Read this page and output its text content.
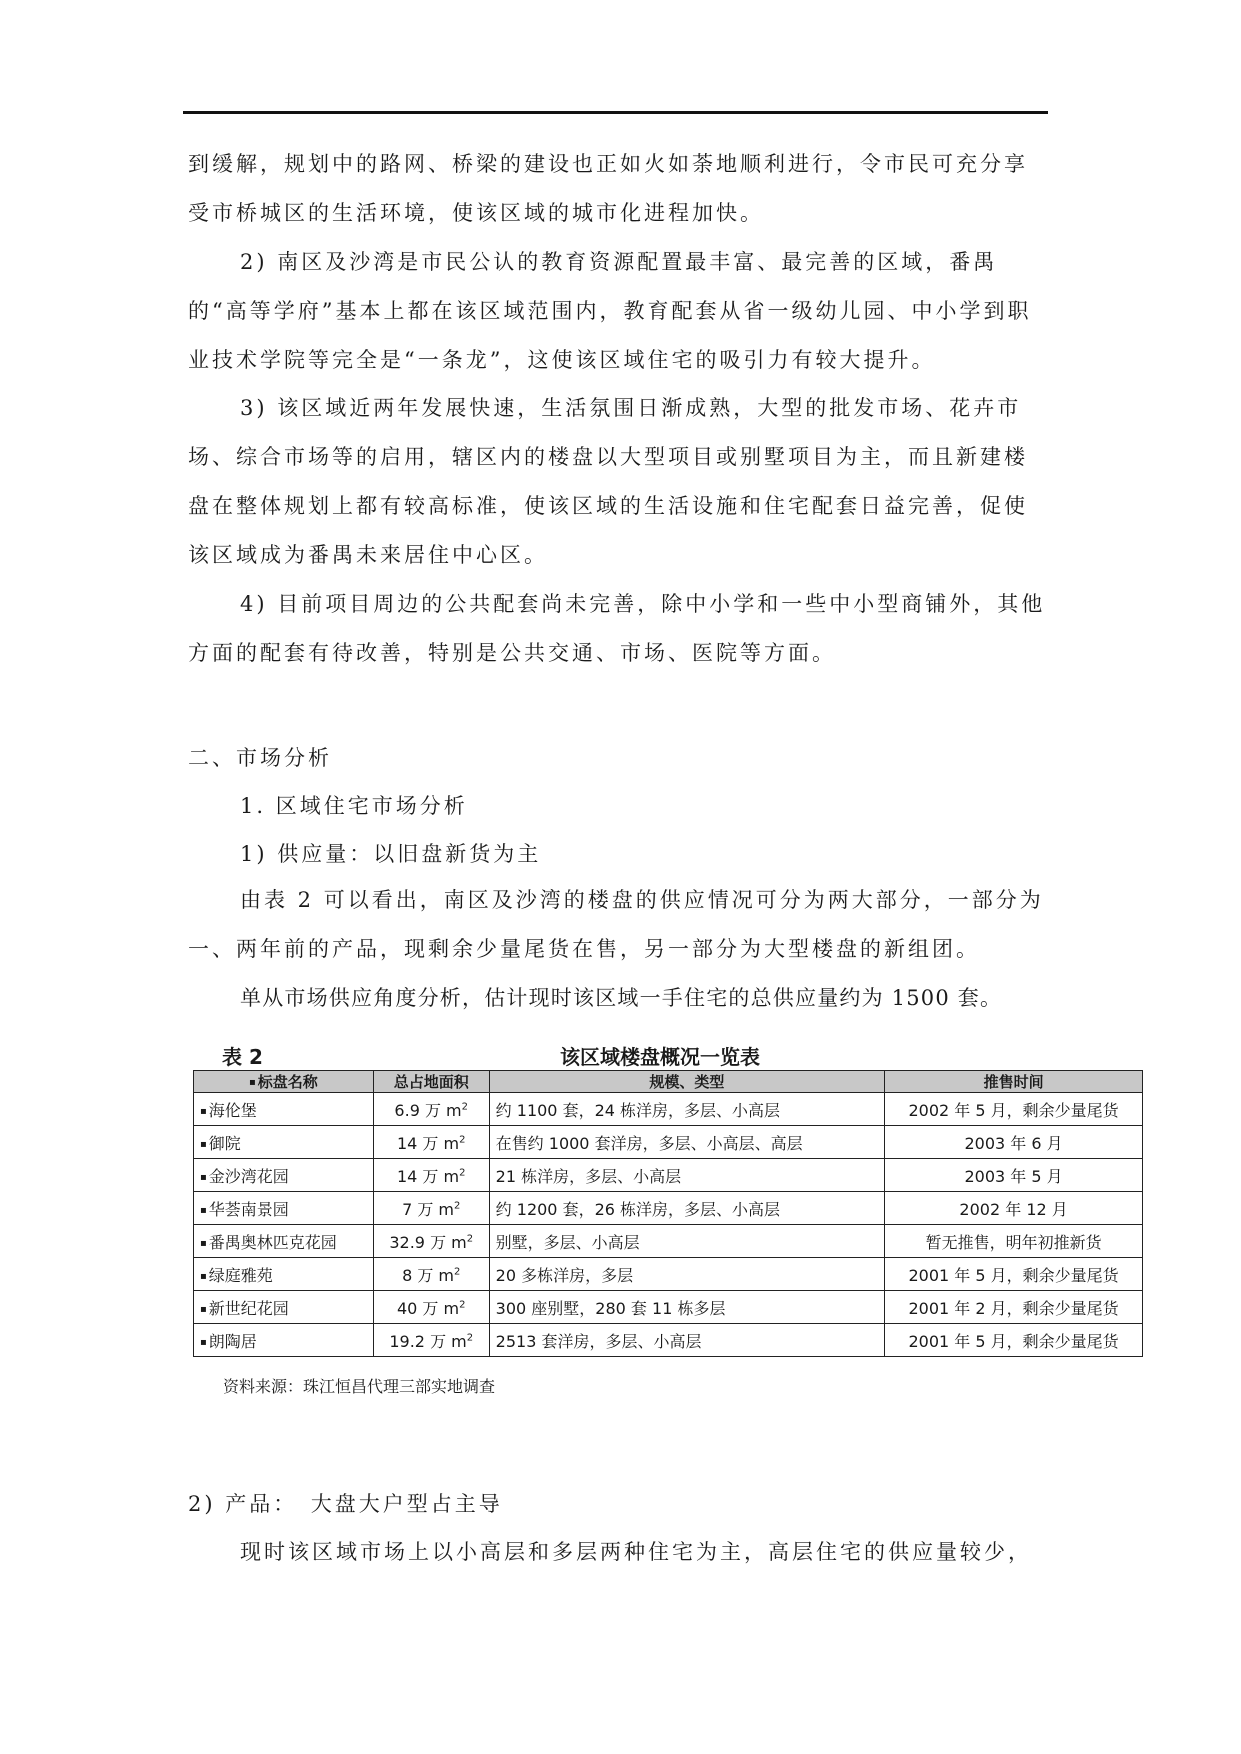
到缓解，规划中的路网、桥梁的建设也正如火如荼地顺利进行，令市民可充分享受市桥城区的生活环境，使该区域的城市化进程加快。

2) 南区及沙湾是市民公认的教育资源配置最丰富、最完善的区域，番禺的“高等学府”基本上都在该区域范围内，教育配套从省一级幼儿园、中小学到职业技术学院等完全是“一条龙”，这使该区域住宅的吸引力有较大提升。

3) 该区域近两年发展快速，生活氛围日渐成熟，大型的批发市场、花卉市场、综合市场等的启用，辖区内的楼盘以大型项目或别墅项目为主，而且新建楼盘在整体规划上都有较高标准，使该区域的生活设施和住宅配套日益完善，促使该区域成为番禺未来居住中心区。

4) 目前项目周边的公共配套尚未完善，除中小学和一些中小型商铺外，其他方面的配套有待改善，特别是公共交通、市场、医院等方面。

二、市场分析

1. 区域住宅市场分析

1) 供应量：以旧盘新货为主

由表 2 可以看出，南区及沙湾的楼盘的供应情况可分为两大部分，一部分为一、两年前的产品，现剩余少量尾货在售，另一部分为大型楼盘的新组团。

单从市场供应角度分析，估计现时该区域一手住宅的总供应量约为 1500 套。

表 2	该区域楼盘概况一览表
▪ 标盘名称	总占地面积	规模、类型	推售时间
▪ 海伦堡	6.9 万 $m^2$	约 1100 套，24 栋洋房，多层、小高层	2002 年 5 月，剩余少量尾货
▪ 御院	14 万 $m^2$	在售约 1000 套洋房，多层、小高层、高层	2003 年 6 月
▪ 金沙湾花园	14 万 $m^2$	21 栋洋房，多层、小高层	2003 年 5 月
▪ 华荟南景园	7 万 $m^2$	约 1200 套，26 栋洋房，多层、小高层	2002 年 12 月
▪ 番禺奥林匹克花园	32.9 万 $m^2$	别墅，多层、小高层	暂无推售，明年初推新货
▪ 绿庭雅苑	8 万 $m^2$	20 多栋洋房，多层	2001 年 5 月，剩余少量尾货
▪ 新世纪花园	40 万 $m^2$	300 座别墅，280 套 11 栋多层	2001 年 2 月，剩余少量尾货
▪ 朗陶居	19.2 万 $m^2$	2513 套洋房，多层、小高层	2001 年 5 月，剩余少量尾货
资料来源：珠江恒昌代理三部实地调查

2) 产品：　大盘大户型占主导

现时该区域市场上以小高层和多层两种住宅为主，高层住宅的供应量较少，
